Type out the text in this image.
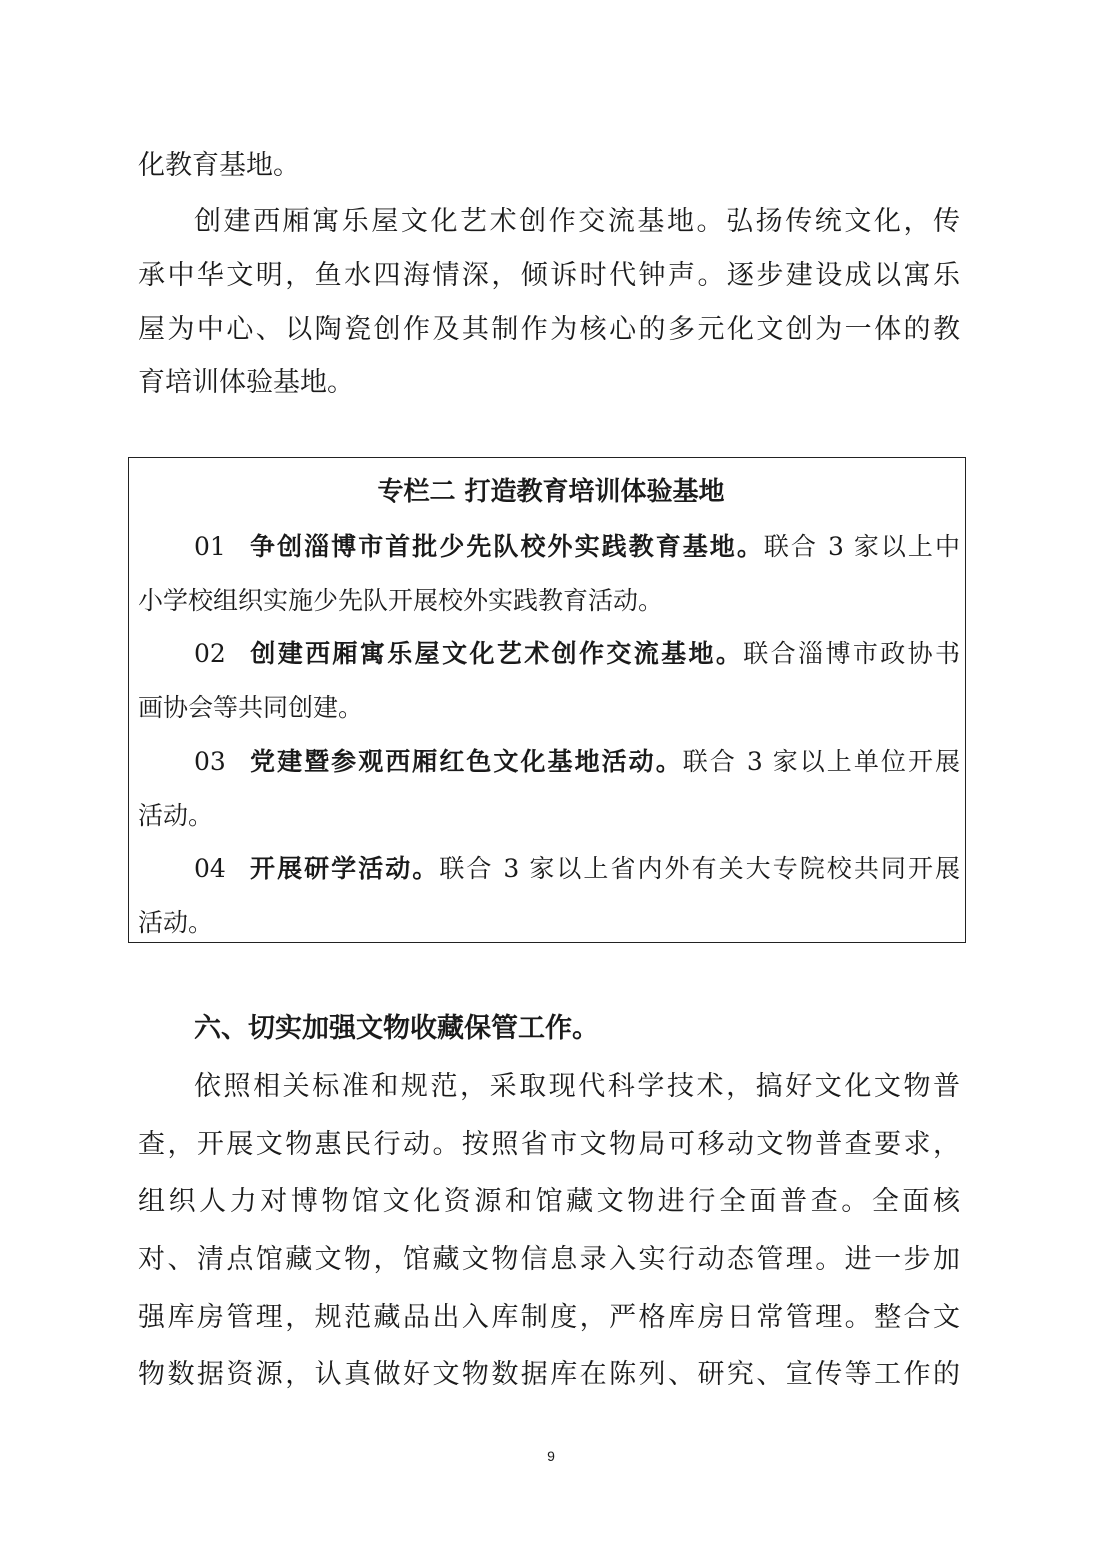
化教育基地。
创建西厢寓乐屋文化艺术创作交流基地。弘扬传统文化，传
承中华文明，鱼水四海情深，倾诉时代钟声。逐步建设成以寓乐
屋为中心、以陶瓷创作及其制作为核心的多元化文创为一体的教
育培训体验基地。
专栏二 打造教育培训体验基地
01 争创淄博市首批少先队校外实践教育基地。联合 3 家以上中
小学校组织实施少先队开展校外实践教育活动。
02 创建西厢寓乐屋文化艺术创作交流基地。联合淄博市政协书
画协会等共同创建。
03 党建暨参观西厢红色文化基地活动。联合 3 家以上单位开展
活动。
04 开展研学活动。联合 3 家以上省内外有关大专院校共同开展
活动。
六、切实加强文物收藏保管工作。
依照相关标准和规范，采取现代科学技术，搞好文化文物普
查，开展文物惠民行动。按照省市文物局可移动文物普查要求，
组织人力对博物馆文化资源和馆藏文物进行全面普查。全面核
对、清点馆藏文物，馆藏文物信息录入实行动态管理。进一步加
强库房管理，规范藏品出入库制度，严格库房日常管理。整合文
物数据资源，认真做好文物数据库在陈列、研究、宣传等工作的
9
